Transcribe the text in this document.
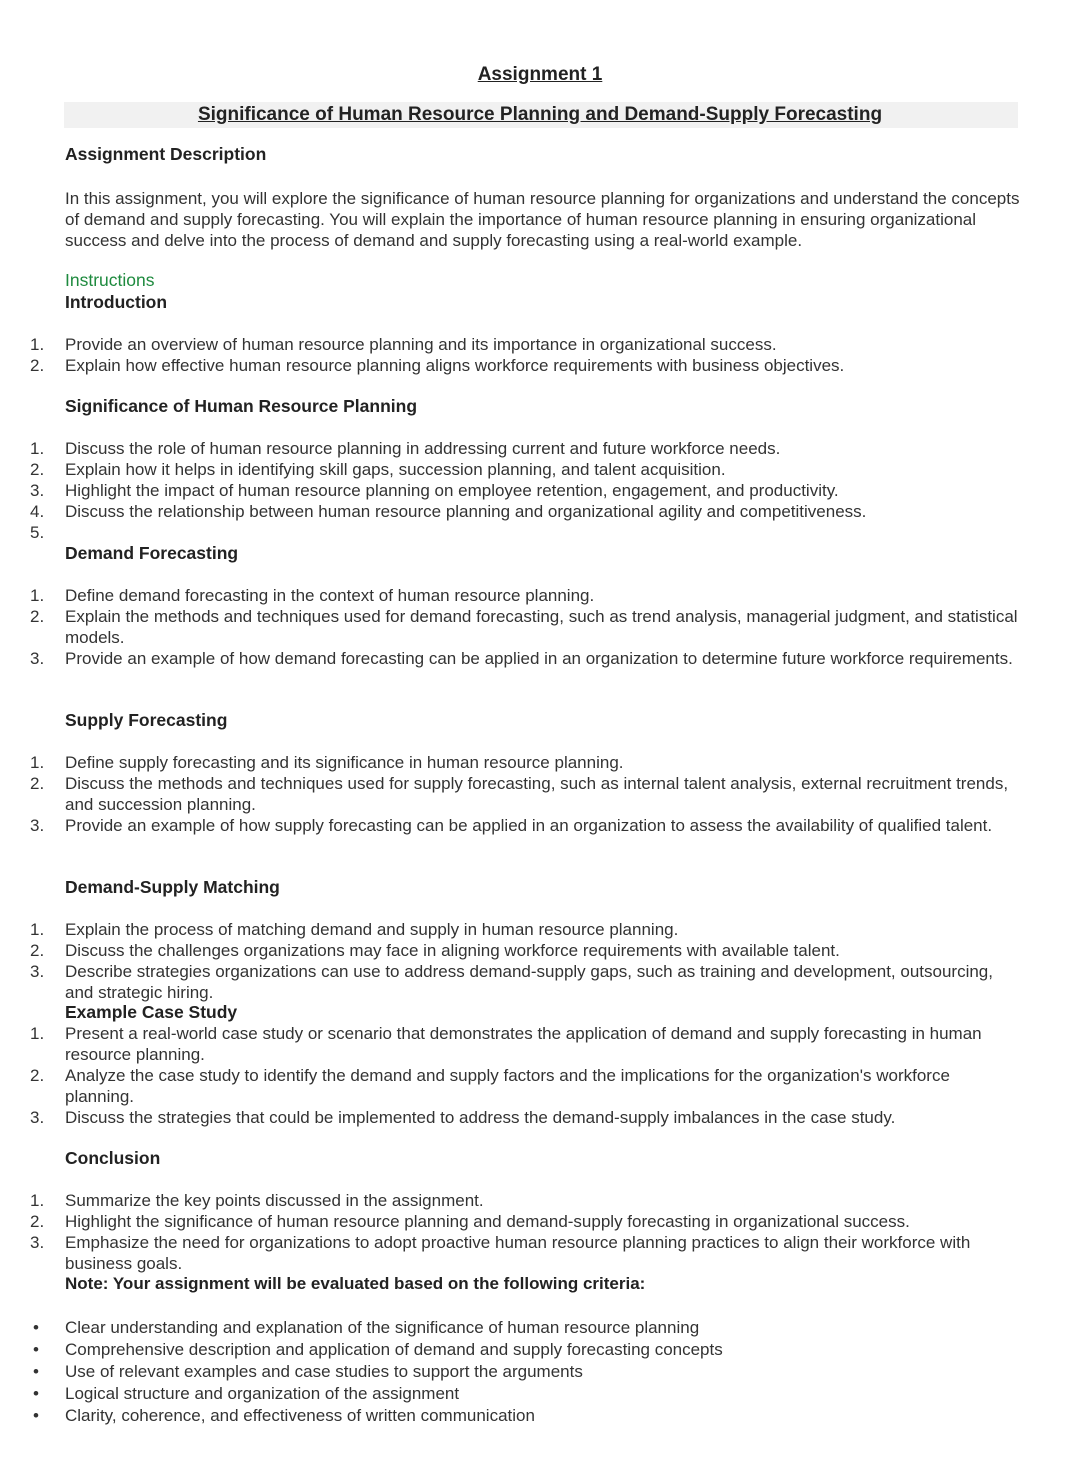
Assignment 1
Significance of Human Resource Planning and Demand-Supply Forecasting
Assignment Description
In this assignment, you will explore the significance of human resource planning for organizations and understand the concepts of demand and supply forecasting. You will explain the importance of human resource planning in ensuring organizational success and delve into the process of demand and supply forecasting using a real-world example.
Instructions
Introduction
1.	Provide an overview of human resource planning and its importance in organizational success.
2.	Explain how effective human resource planning aligns workforce requirements with business objectives.
Significance of Human Resource Planning
1.	Discuss the role of human resource planning in addressing current and future workforce needs.
2.	Explain how it helps in identifying skill gaps, succession planning, and talent acquisition.
3.	Highlight the impact of human resource planning on employee retention, engagement, and productivity.
4.	Discuss the relationship between human resource planning and organizational agility and competitiveness.
5.
Demand Forecasting
1.	Define demand forecasting in the context of human resource planning.
2.	Explain the methods and techniques used for demand forecasting, such as trend analysis, managerial judgment, and statistical models.
3.	Provide an example of how demand forecasting can be applied in an organization to determine future workforce requirements.
Supply Forecasting
1.	Define supply forecasting and its significance in human resource planning.
2.	Discuss the methods and techniques used for supply forecasting, such as internal talent analysis, external recruitment trends, and succession planning.
3.	Provide an example of how supply forecasting can be applied in an organization to assess the availability of qualified talent.
Demand-Supply Matching
1.	Explain the process of matching demand and supply in human resource planning.
2.	Discuss the challenges organizations may face in aligning workforce requirements with available talent.
3.	Describe strategies organizations can use to address demand-supply gaps, such as training and development, outsourcing, and strategic hiring.
Example Case Study
1.	Present a real-world case study or scenario that demonstrates the application of demand and supply forecasting in human resource planning.
2.	Analyze the case study to identify the demand and supply factors and the implications for the organization's workforce planning.
3.	Discuss the strategies that could be implemented to address the demand-supply imbalances in the case study.
Conclusion
1.	Summarize the key points discussed in the assignment.
2.	Highlight the significance of human resource planning and demand-supply forecasting in organizational success.
3.	Emphasize the need for organizations to adopt proactive human resource planning practices to align their workforce with business goals.
Note: Your assignment will be evaluated based on the following criteria:
•	Clear understanding and explanation of the significance of human resource planning
•	Comprehensive description and application of demand and supply forecasting concepts
•	Use of relevant examples and case studies to support the arguments
•	Logical structure and organization of the assignment
•	Clarity, coherence, and effectiveness of written communication
